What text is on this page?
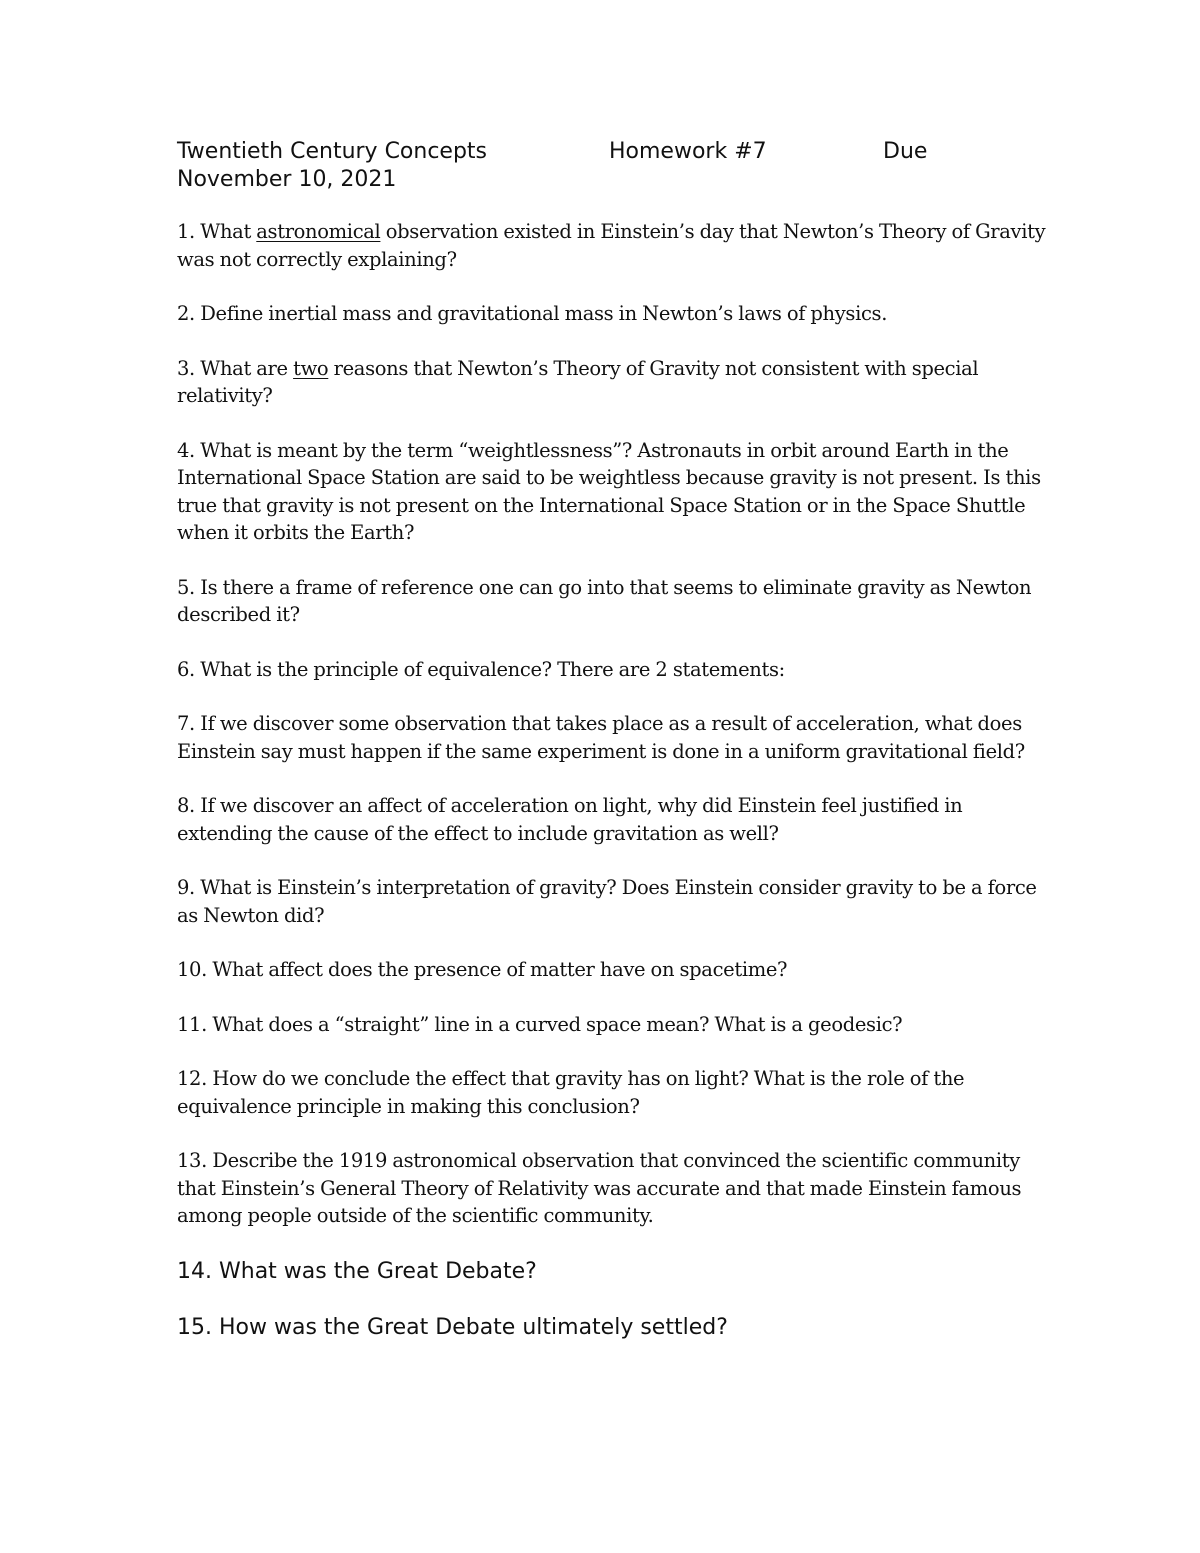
Twentieth Century Concepts	Homework #7	Due
November 10, 2021
1. What astronomical observation existed in Einstein’s day that Newton’s Theory of Gravity was not correctly explaining?
2. Define inertial mass and gravitational mass in Newton’s laws of physics.
3. What are two reasons that Newton’s Theory of Gravity not consistent with special relativity?
4. What is meant by the term “weightlessness”? Astronauts in orbit around Earth in the International Space Station are said to be weightless because gravity is not present. Is this true that gravity is not present on the International Space Station or in the Space Shuttle when it orbits the Earth?
5. Is there a frame of reference one can go into that seems to eliminate gravity as Newton described it?
6. What is the principle of equivalence? There are 2 statements:
7. If we discover some observation that takes place as a result of acceleration, what does Einstein say must happen if the same experiment is done in a uniform gravitational field?
8. If we discover an affect of acceleration on light, why did Einstein feel justified in extending the cause of the effect to include gravitation as well?
9. What is Einstein’s interpretation of gravity? Does Einstein consider gravity to be a force as Newton did?
10. What affect does the presence of matter have on spacetime?
11. What does a “straight” line in a curved space mean? What is a geodesic?
12. How do we conclude the effect that gravity has on light? What is the role of the equivalence principle in making this conclusion?
13. Describe the 1919 astronomical observation that convinced the scientific community that Einstein’s General Theory of Relativity was accurate and that made Einstein famous among people outside of the scientific community.
14. What was the Great Debate?
15. How was the Great Debate ultimately settled?
